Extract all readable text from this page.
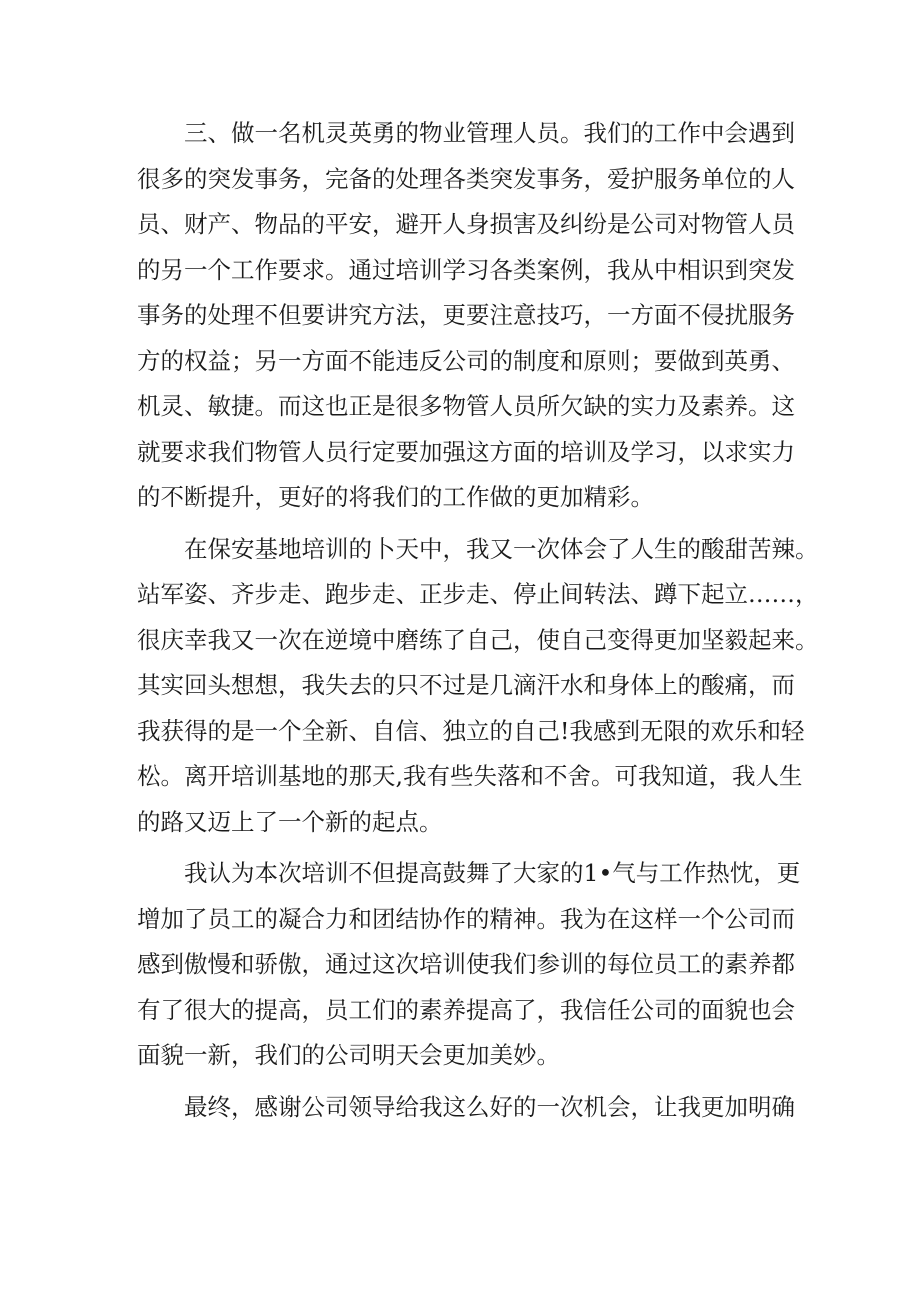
三、做一名机灵英勇的物业管理人员。我们的工作中会遇到
很多的突发事务，完备的处理各类突发事务，爱护服务单位的人
员、财产、物品的平安，避开人身损害及纠纷是公司对物管人员
的另一个工作要求。通过培训学习各类案例，我从中相识到突发
事务的处理不但要讲究方法，更要注意技巧，一方面不侵扰服务
方的权益；另一方面不能违反公司的制度和原则；要做到英勇、
机灵、敏捷。而这也正是很多物管人员所欠缺的实力及素养。这
就要求我们物管人员行定要加强这方面的培训及学习，以求实力
的不断提升，更好的将我们的工作做的更加精彩。

在保安基地培训的卜天中，我又一次体会了人生的酸甜苦辣。
站军姿、齐步走、跑步走、正步走、停止间转法、蹲下起立……，
很庆幸我又一次在逆境中磨练了自己，使自己变得更加坚毅起来。
其实回头想想，我失去的只不过是几滴汗水和身体上的酸痛，而
我获得的是一个全新、自信、独立的自己!我感到无限的欢乐和轻
松。离开培训基地的那天,我有些失落和不舍。可我知道，我人生
的路又迈上了一个新的起点。

我认为本次培训不但提高鼓舞了大家的1•气与工作热忱，更
增加了员工的凝合力和团结协作的精神。我为在这样一个公司而
感到傲慢和骄傲，通过这次培训使我们参训的每位员工的素养都
有了很大的提高，员工们的素养提高了，我信任公司的面貌也会
面貌一新，我们的公司明天会更加美妙。

最终，感谢公司领导给我这么好的一次机会，让我更加明确
